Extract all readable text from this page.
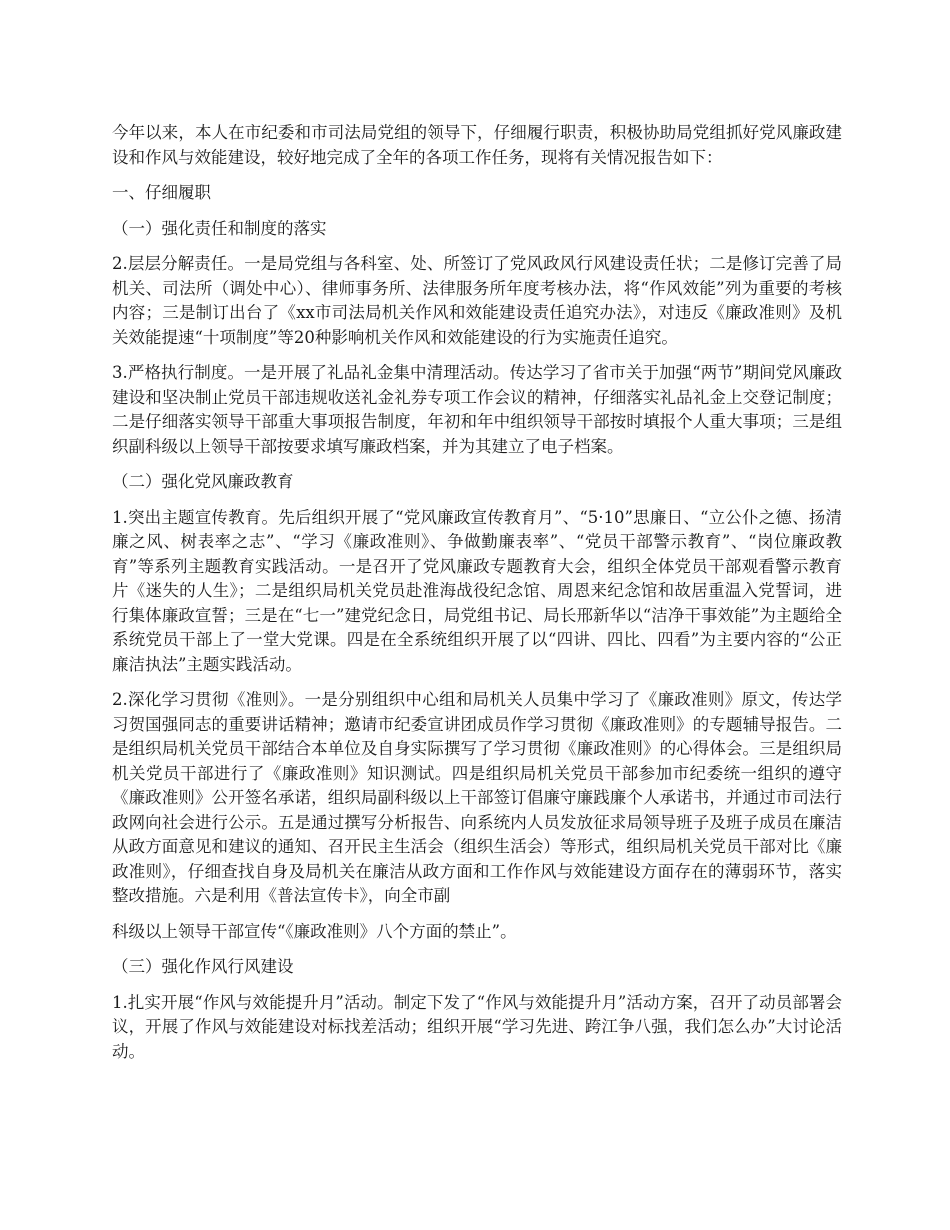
今年以来，本人在市纪委和市司法局党组的领导下，仔细履行职责，积极协助局党组抓好党风廉政建设和作风与效能建设，较好地完成了全年的各项工作任务，现将有关情况报告如下：

一、仔细履职

（一）强化责任和制度的落实

2.层层分解责任。一是局党组与各科室、处、所签订了党风政风行风建设责任状；二是修订完善了局机关、司法所（调处中心）、律师事务所、法律服务所年度考核办法，将“作风效能”列为重要的考核内容；三是制订出台了《xx市司法局机关作风和效能建设责任追究办法》，对违反《廉政准则》及机关效能提速“十项制度”等20种影响机关作风和效能建设的行为实施责任追究。

3.严格执行制度。一是开展了礼品礼金集中清理活动。传达学习了省市关于加强“两节”期间党风廉政建设和坚决制止党员干部违规收送礼金礼券专项工作会议的精神，仔细落实礼品礼金上交登记制度；二是仔细落实领导干部重大事项报告制度，年初和年中组织领导干部按时填报个人重大事项；三是组织副科级以上领导干部按要求填写廉政档案，并为其建立了电子档案。

（二）强化党风廉政教育

1.突出主题宣传教育。先后组织开展了“党风廉政宣传教育月”、“5·10”思廉日、“立公仆之德、扬清廉之风、树表率之志”、“学习《廉政准则》、争做勤廉表率”、“党员干部警示教育”、“岗位廉政教育”等系列主题教育实践活动。一是召开了党风廉政专题教育大会，组织全体党员干部观看警示教育片《迷失的人生》；二是组织局机关党员赴淮海战役纪念馆、周恩来纪念馆和故居重温入党誓词，进行集体廉政宣誓；三是在“七一”建党纪念日，局党组书记、局长邢新华以“洁净干事效能”为主题给全系统党员干部上了一堂大党课。四是在全系统组织开展了以“四讲、四比、四看”为主要内容的“公正廉洁执法”主题实践活动。

2.深化学习贯彻《准则》。一是分别组织中心组和局机关人员集中学习了《廉政准则》原文，传达学习贺国强同志的重要讲话精神；邀请市纪委宣讲团成员作学习贯彻《廉政准则》的专题辅导报告。二是组织局机关党员干部结合本单位及自身实际撰写了学习贯彻《廉政准则》的心得体会。三是组织局机关党员干部进行了《廉政准则》知识测试。四是组织局机关党员干部参加市纪委统一组织的遵守《廉政准则》公开签名承诺，组织局副科级以上干部签订倡廉守廉践廉个人承诺书，并通过市司法行政网向社会进行公示。五是通过撰写分析报告、向系统内人员发放征求局领导班子及班子成员在廉洁从政方面意见和建议的通知、召开民主生活会（组织生活会）等形式，组织局机关党员干部对比《廉政准则》，仔细查找自身及局机关在廉洁从政方面和工作作风与效能建设方面存在的薄弱环节，落实整改措施。六是利用《普法宣传卡》，向全市副

科级以上领导干部宣传“《廉政准则》八个方面的禁止”。

（三）强化作风行风建设

1.扎实开展“作风与效能提升月”活动。制定下发了“作风与效能提升月”活动方案，召开了动员部署会议，开展了作风与效能建设对标找差活动；组织开展“学习先进、跨江争八强，我们怎么办”大讨论活动。
